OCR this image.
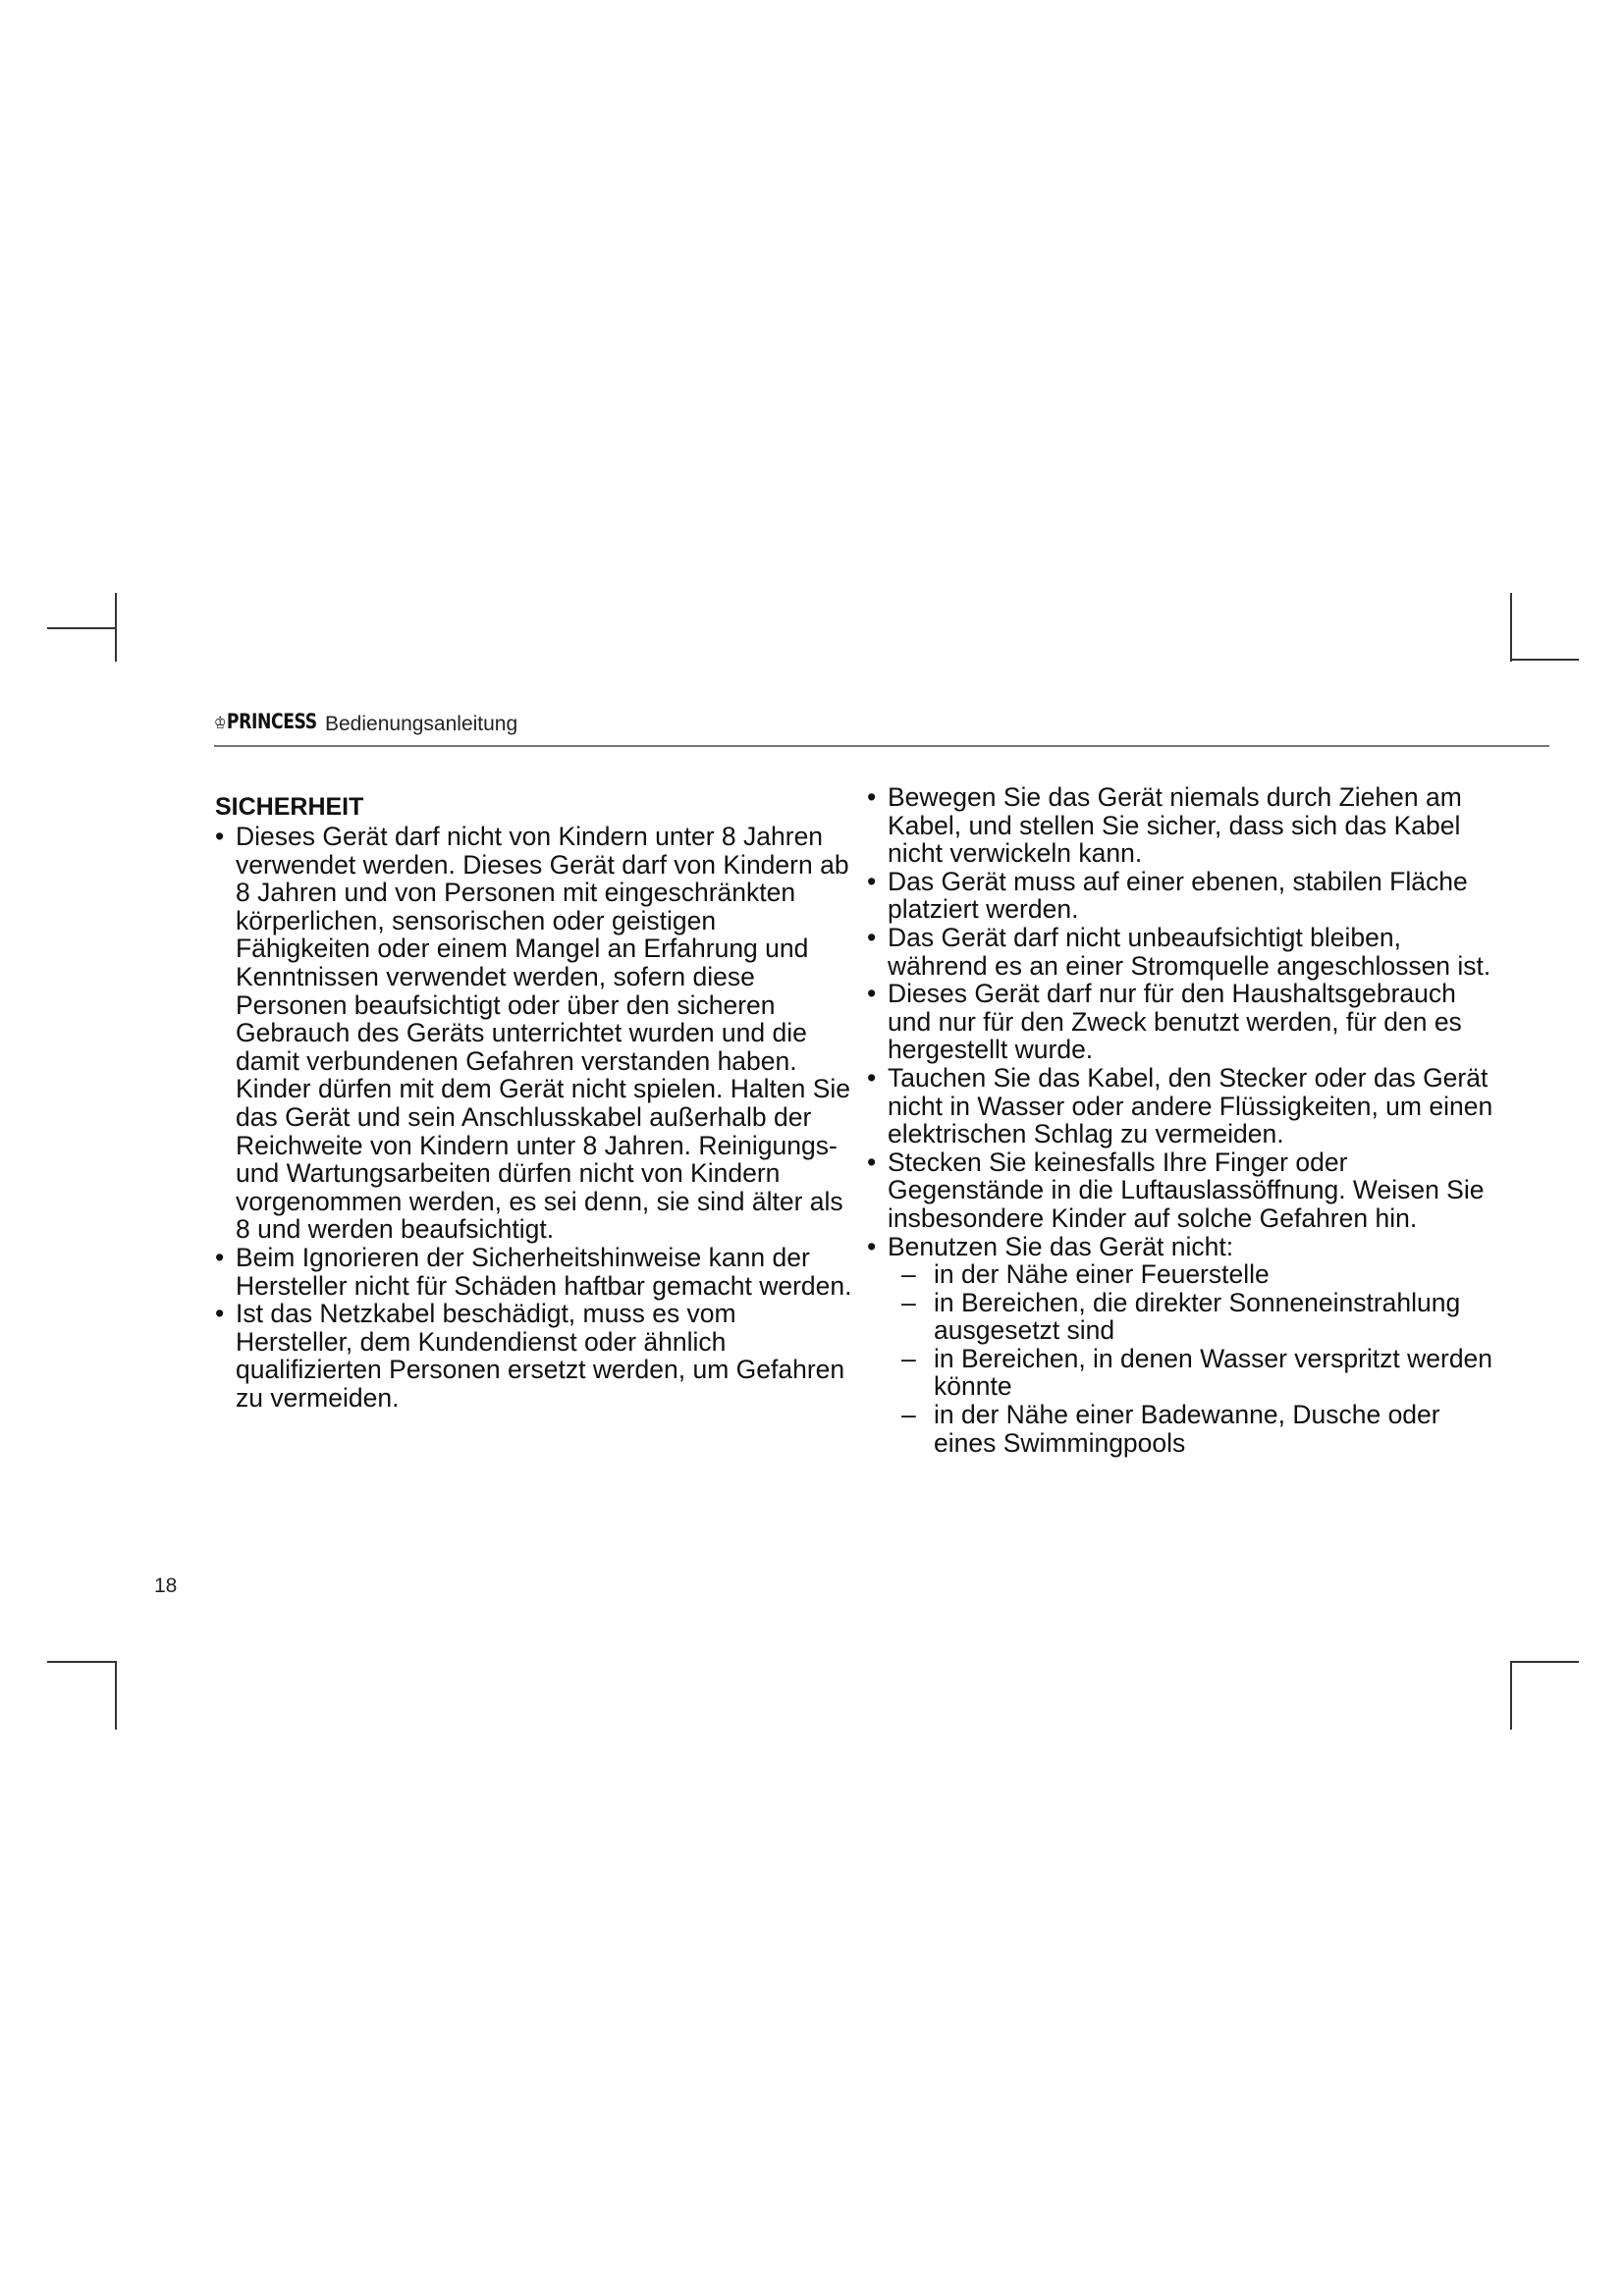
♔PRINCESS Bedienungsanleitung
SICHERHEIT
• Dieses Gerät darf nicht von Kindern unter 8 Jahren verwendet werden. Dieses Gerät darf von Kindern ab 8 Jahren und von Personen mit eingeschränkten körperlichen, sensorischen oder geistigen Fähigkeiten oder einem Mangel an Erfahrung und Kenntnissen verwendet werden, sofern diese Personen beaufsichtigt oder über den sicheren Gebrauch des Geräts unterrichtet wurden und die damit verbundenen Gefahren verstanden haben. Kinder dürfen mit dem Gerät nicht spielen. Halten Sie das Gerät und sein Anschlusskabel außerhalb der Reichweite von Kindern unter 8 Jahren. Reinigungs- und Wartungsarbeiten dürfen nicht von Kindern vorgenommen werden, es sei denn, sie sind älter als 8 und werden beaufsichtigt.
• Beim Ignorieren der Sicherheitshinweise kann der Hersteller nicht für Schäden haftbar gemacht werden.
• Ist das Netzkabel beschädigt, muss es vom Hersteller, dem Kundendienst oder ähnlich qualifizierten Personen ersetzt werden, um Gefahren zu vermeiden.
• Bewegen Sie das Gerät niemals durch Ziehen am Kabel, und stellen Sie sicher, dass sich das Kabel nicht verwickeln kann.
• Das Gerät muss auf einer ebenen, stabilen Fläche platziert werden.
• Das Gerät darf nicht unbeaufsichtigt bleiben, während es an einer Stromquelle angeschlossen ist.
• Dieses Gerät darf nur für den Haushaltsgebrauch und nur für den Zweck benutzt werden, für den es hergestellt wurde.
• Tauchen Sie das Kabel, den Stecker oder das Gerät nicht in Wasser oder andere Flüssigkeiten, um einen elektrischen Schlag zu vermeiden.
• Stecken Sie keinesfalls Ihre Finger oder Gegenstände in die Luftauslassöffnung. Weisen Sie insbesondere Kinder auf solche Gefahren hin.
• Benutzen Sie das Gerät nicht:
– in der Nähe einer Feuerstelle
– in Bereichen, die direkter Sonneneinstrahlung ausgesetzt sind
– in Bereichen, in denen Wasser verspritzt werden könnte
– in der Nähe einer Badewanne, Dusche oder eines Swimmingpools
18
